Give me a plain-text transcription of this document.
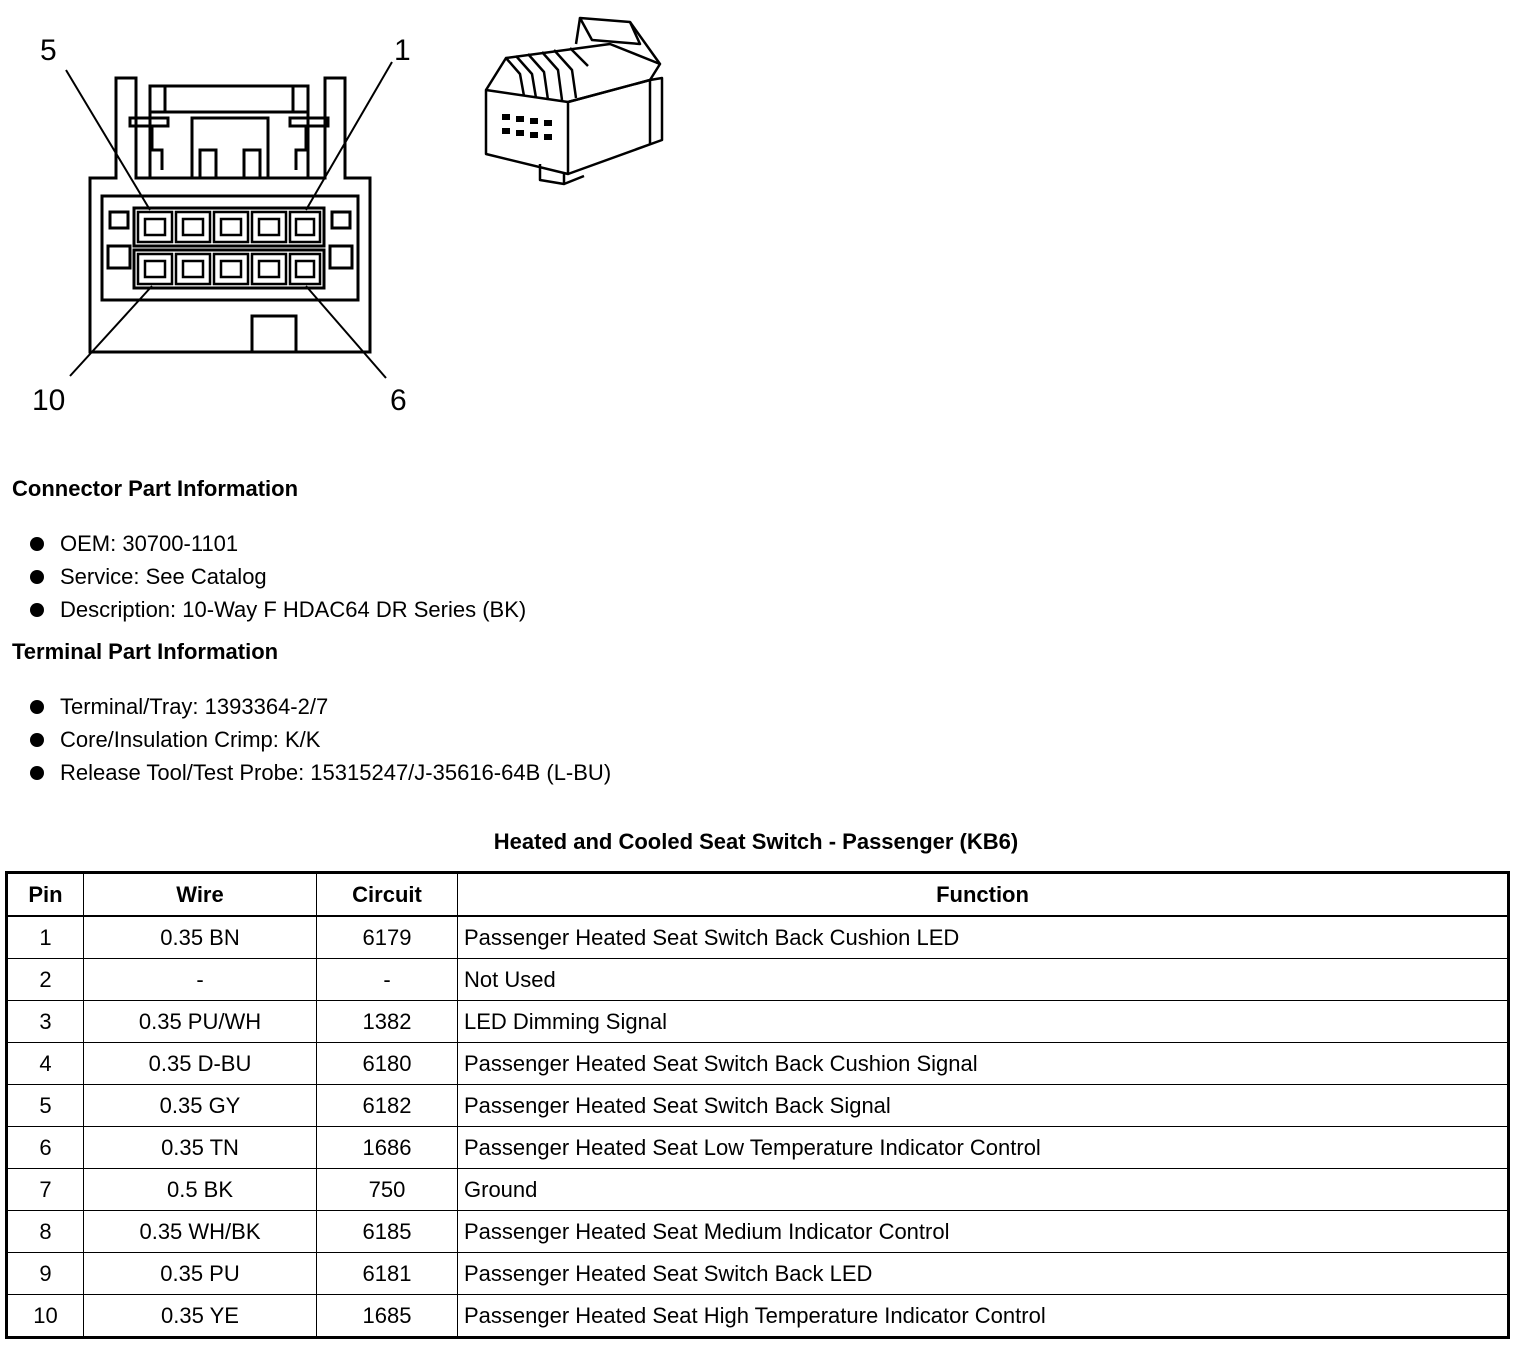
5	1
10	6
Connector Part Information
OEM: 30700-1101
Service: See Catalog
Description: 10-Way F HDAC64 DR Series (BK)
Terminal Part Information
Terminal/Tray: 1393364-2/7
Core/Insulation Crimp: K/K
Release Tool/Test Probe: 15315247/J-35616-64B (L-BU)
Heated and Cooled Seat Switch - Passenger (KB6)
Pin	Wire	Circuit	Function
1	0.35 BN	6179	Passenger Heated Seat Switch Back Cushion LED
2	-	-	Not Used
3	0.35 PU/WH	1382	LED Dimming Signal
4	0.35 D-BU	6180	Passenger Heated Seat Switch Back Cushion Signal
5	0.35 GY	6182	Passenger Heated Seat Switch Back Signal
6	0.35 TN	1686	Passenger Heated Seat Low Temperature Indicator Control
7	0.5 BK	750	Ground
8	0.35 WH/BK	6185	Passenger Heated Seat Medium Indicator Control
9	0.35 PU	6181	Passenger Heated Seat Switch Back LED
10	0.35 YE	1685	Passenger Heated Seat High Temperature Indicator Control
